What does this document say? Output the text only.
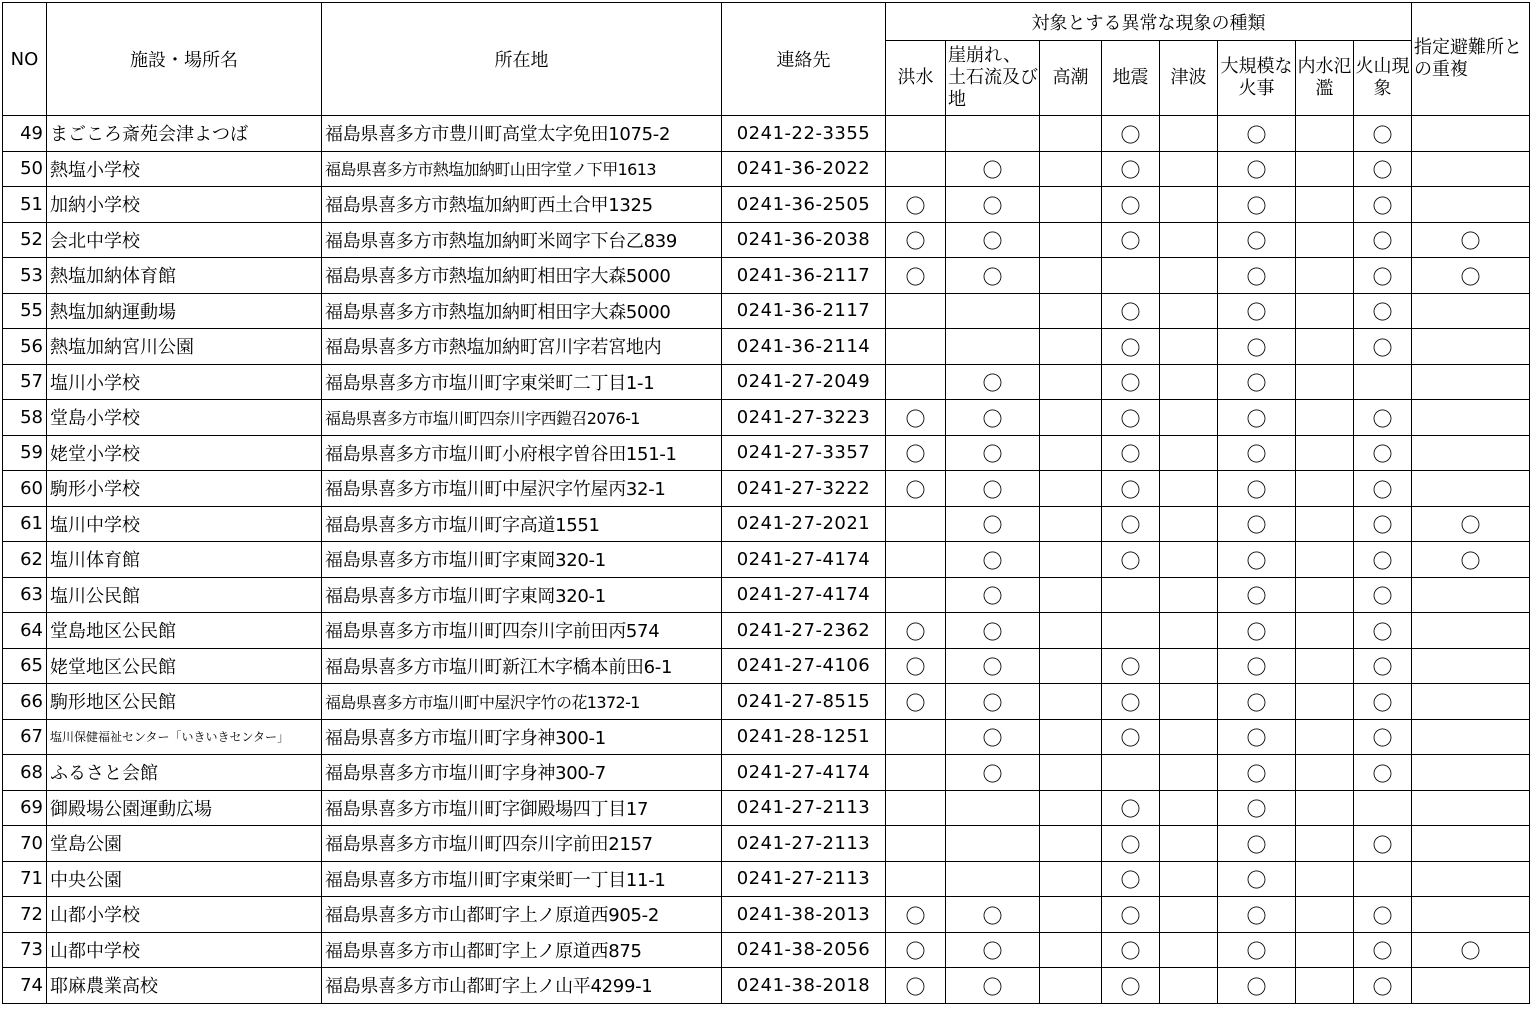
NO	施設・場所名	所在地	連絡先	対象とする異常な現象の種類								指定避難所との重複
				洪水	崖崩れ、土石流及び地	高潮	地震	津波	大規模な火事	内水氾濫	火山現象	
49	まごころ斎苑会津よつば	福島県喜多方市豊川町高堂太字免田1075-2	0241-22-3355				〇		〇		〇	
50	熱塩小学校	福島県喜多方市熱塩加納町山田字堂ノ下甲1613	0241-36-2022		〇		〇		〇		〇	
51	加納小学校	福島県喜多方市熱塩加納町西土合甲1325	0241-36-2505	〇	〇		〇		〇		〇	
52	会北中学校	福島県喜多方市熱塩加納町米岡字下台乙839	0241-36-2038	〇	〇		〇		〇		〇	〇
53	熱塩加納体育館	福島県喜多方市熱塩加納町相田字大森5000	0241-36-2117	〇	〇				〇		〇	〇
55	熱塩加納運動場	福島県喜多方市熱塩加納町相田字大森5000	0241-36-2117				〇		〇		〇	
56	熱塩加納宮川公園	福島県喜多方市熱塩加納町宮川字若宮地内	0241-36-2114				〇		〇		〇	
57	塩川小学校	福島県喜多方市塩川町字東栄町二丁目1-1	0241-27-2049		〇		〇		〇			
58	堂島小学校	福島県喜多方市塩川町四奈川字西鎧召2076-1	0241-27-3223	〇	〇		〇		〇		〇	
59	姥堂小学校	福島県喜多方市塩川町小府根字曽谷田151-1	0241-27-3357	〇	〇		〇		〇		〇	
60	駒形小学校	福島県喜多方市塩川町中屋沢字竹屋丙32-1	0241-27-3222	〇	〇		〇		〇		〇	
61	塩川中学校	福島県喜多方市塩川町字高道1551	0241-27-2021		〇		〇		〇		〇	〇
62	塩川体育館	福島県喜多方市塩川町字東岡320-1	0241-27-4174		〇		〇		〇		〇	〇
63	塩川公民館	福島県喜多方市塩川町字東岡320-1	0241-27-4174		〇				〇		〇	
64	堂島地区公民館	福島県喜多方市塩川町四奈川字前田丙574	0241-27-2362	〇	〇				〇		〇	
65	姥堂地区公民館	福島県喜多方市塩川町新江木字橋本前田6-1	0241-27-4106	〇	〇		〇		〇		〇	
66	駒形地区公民館	福島県喜多方市塩川町中屋沢字竹の花1372-1	0241-27-8515	〇	〇		〇		〇		〇	
67	塩川保健福祉センター「いきいきセンター」	福島県喜多方市塩川町字身神300-1	0241-28-1251		〇		〇		〇		〇	
68	ふるさと会館	福島県喜多方市塩川町字身神300-7	0241-27-4174		〇				〇		〇	
69	御殿場公園運動広場	福島県喜多方市塩川町字御殿場四丁目17	0241-27-2113				〇		〇			
70	堂島公園	福島県喜多方市塩川町四奈川字前田2157	0241-27-2113				〇		〇		〇	
71	中央公園	福島県喜多方市塩川町字東栄町一丁目11-1	0241-27-2113				〇		〇			
72	山都小学校	福島県喜多方市山都町字上ノ原道西905-2	0241-38-2013	〇	〇		〇		〇		〇	
73	山都中学校	福島県喜多方市山都町字上ノ原道西875	0241-38-2056	〇	〇		〇		〇		〇	〇
74	耶麻農業高校	福島県喜多方市山都町字上ノ山平4299-1	0241-38-2018	〇	〇		〇		〇		〇	
